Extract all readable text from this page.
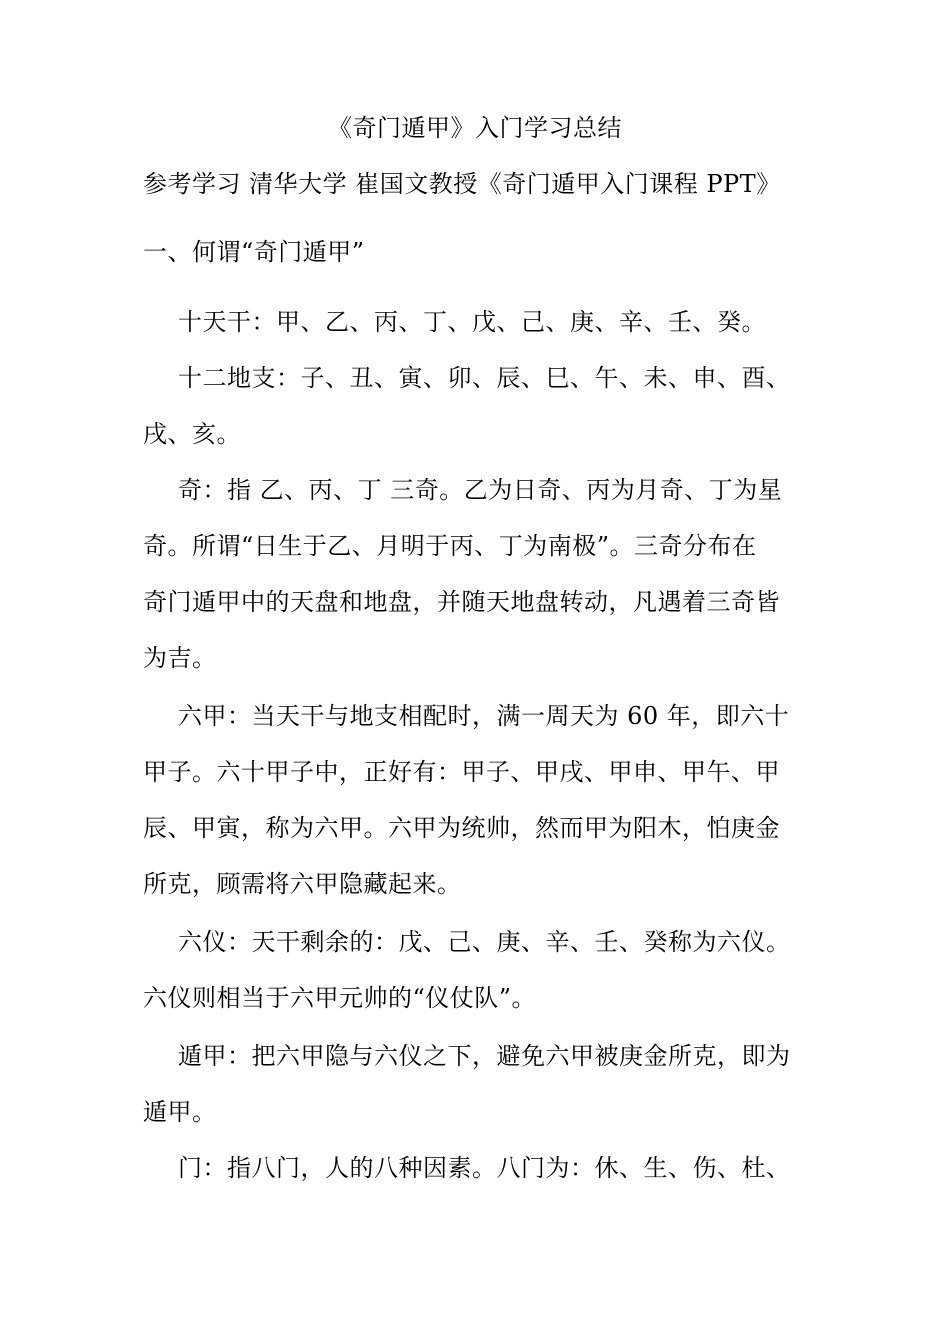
《奇门遁甲》入门学习总结
参考学习 清华大学 崔国文教授《奇门遁甲入门课程 PPT》
一、何谓“奇门遁甲”
十天干：甲、乙、丙、丁、戊、己、庚、辛、壬、癸。
十二地支：子、丑、寅、卯、辰、巳、午、未、申、酉、
戌、亥。
奇：指 乙、丙、丁 三奇。乙为日奇、丙为月奇、丁为星
奇。所谓“日生于乙、月明于丙、丁为南极”。三奇分布在
奇门遁甲中的天盘和地盘，并随天地盘转动，凡遇着三奇皆
为吉。
六甲：当天干与地支相配时，满一周天为 60 年，即六十
甲子。六十甲子中，正好有：甲子、甲戌、甲申、甲午、甲
辰、甲寅，称为六甲。六甲为统帅，然而甲为阳木，怕庚金
所克，顾需将六甲隐藏起来。
六仪：天干剩余的：戊、己、庚、辛、壬、癸称为六仪。
六仪则相当于六甲元帅的“仪仗队”。
遁甲：把六甲隐与六仪之下，避免六甲被庚金所克，即为
遁甲。
门：指八门，人的八种因素。八门为：休、生、伤、杜、
